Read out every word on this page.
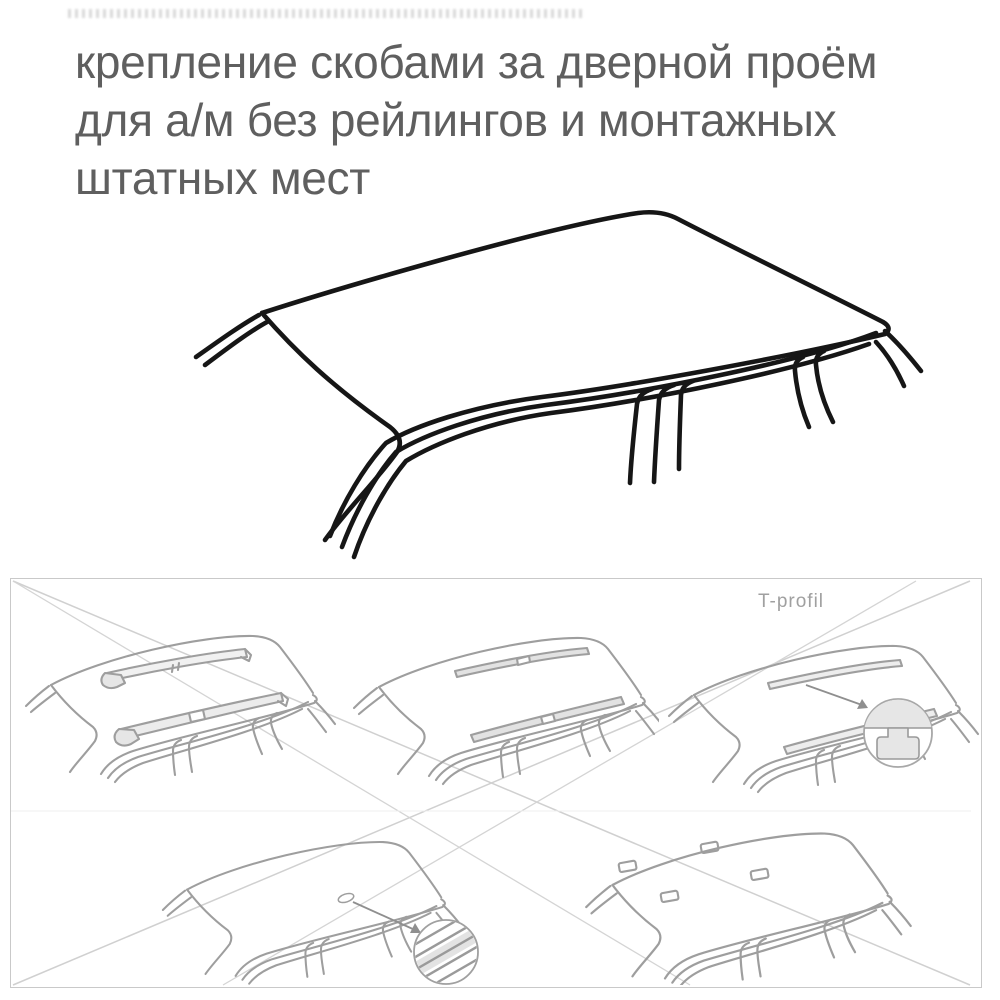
крепление скобами за дверной проём
для а/м без рейлингов и монтажных
штатных мест
T-profil
